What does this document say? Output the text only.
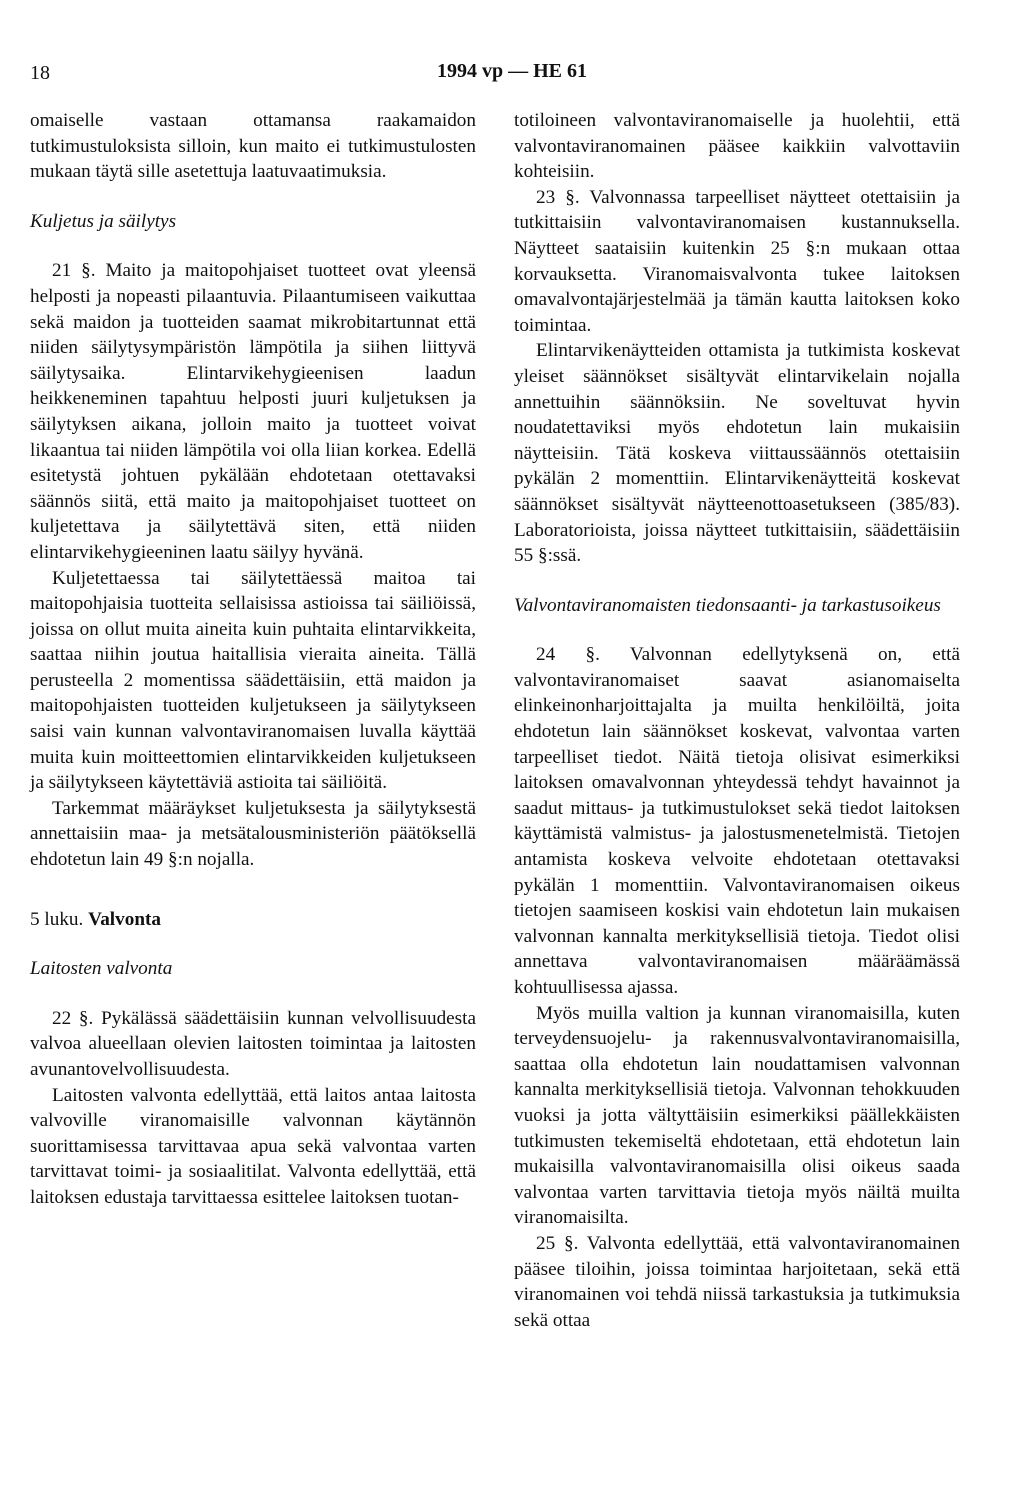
18	1994 vp — HE 61

omaiselle vastaan ottamansa raakamaidon tutkimustuloksista silloin, kun maito ei tutkimustulosten mukaan täytä sille asetettuja laatuvaatimuksia.

Kuljetus ja säilytys

21 §. Maito ja maitopohjaiset tuotteet ovat yleensä helposti ja nopeasti pilaantuvia. Pilaantumiseen vaikuttaa sekä maidon ja tuotteiden saamat mikrobitartunnat että niiden säilytysympäristön lämpötila ja siihen liittyvä säilytysaika. Elintarvikehygieenisen laadun heikkeneminen tapahtuu helposti juuri kuljetuksen ja säilytyksen aikana, jolloin maito ja tuotteet voivat likaantua tai niiden lämpötila voi olla liian korkea. Edellä esitetystä johtuen pykälään ehdotetaan otettavaksi säännös siitä, että maito ja maitopohjaiset tuotteet on kuljetettava ja säilytettävä siten, että niiden elintarvikehygieeninen laatu säilyy hyvänä.

Kuljetettaessa tai säilytettäessä maitoa tai maitopohjaisia tuotteita sellaisissa astioissa tai säiliöissä, joissa on ollut muita aineita kuin puhtaita elintarvikkeita, saattaa niihin joutua haitallisia vieraita aineita. Tällä perusteella 2 momentissa säädettäisiin, että maidon ja maitopohjaisten tuotteiden kuljetukseen ja säilytykseen saisi vain kunnan valvontaviranomaisen luvalla käyttää muita kuin moitteettomien elintarvikkeiden kuljetukseen ja säilytykseen käytettäviä astioita tai säiliöitä.

Tarkemmat määräykset kuljetuksesta ja säilytyksestä annettaisiin maa- ja metsätalousministeriön päätöksellä ehdotetun lain 49 §:n nojalla.

5 luku. Valvonta

Laitosten valvonta

22 §. Pykälässä säädettäisiin kunnan velvollisuudesta valvoa alueellaan olevien laitosten toimintaa ja laitosten avunantovelvollisuudesta.

Laitosten valvonta edellyttää, että laitos antaa laitosta valvoville viranomaisille valvonnan käytännön suorittamisessa tarvittavaa apua sekä valvontaa varten tarvittavat toimi- ja sosiaalitilat. Valvonta edellyttää, että laitoksen edustaja tarvittaessa esittelee laitoksen tuotan-

totiloineen valvontaviranomaiselle ja huolehtii, että valvontaviranomainen pääsee kaikkiin valvottaviin kohteisiin.

23 §. Valvonnassa tarpeelliset näytteet otettaisiin ja tutkittaisiin valvontaviranomaisen kustannuksella. Näytteet saataisiin kuitenkin 25 §:n mukaan ottaa korvauksetta. Viranomaisvalvonta tukee laitoksen omavalvontajärjestelmää ja tämän kautta laitoksen koko toimintaa.

Elintarvikenäytteiden ottamista ja tutkimista koskevat yleiset säännökset sisältyvät elintarvikelain nojalla annettuihin säännöksiin. Ne soveltuvat hyvin noudatettaviksi myös ehdotetun lain mukaisiin näytteisiin. Tätä koskeva viittaussäännös otettaisiin pykälän 2 momenttiin. Elintarvikenäytteitä koskevat säännökset sisältyvät näytteenottoasetukseen (385/83). Laboratorioista, joissa näytteet tutkittaisiin, säädettäisiin 55 §:ssä.

Valvontaviranomaisten tiedonsaanti- ja tarkastusoikeus

24 §. Valvonnan edellytyksenä on, että valvontaviranomaiset saavat asianomaiselta elinkeinonharjoittajalta ja muilta henkilöiltä, joita ehdotetun lain säännökset koskevat, valvontaa varten tarpeelliset tiedot. Näitä tietoja olisivat esimerkiksi laitoksen omavalvonnan yhteydessä tehdyt havainnot ja saadut mittaus- ja tutkimustulokset sekä tiedot laitoksen käyttämistä valmistus- ja jalostusmenetelmistä. Tietojen antamista koskeva velvoite ehdotetaan otettavaksi pykälän 1 momenttiin. Valvontaviranomaisen oikeus tietojen saamiseen koskisi vain ehdotetun lain mukaisen valvonnan kannalta merkityksellisiä tietoja. Tiedot olisi annettava valvontaviranomaisen määräämässä kohtuullisessa ajassa.

Myös muilla valtion ja kunnan viranomaisilla, kuten terveydensuojelu- ja rakennusvalvontaviranomaisilla, saattaa olla ehdotetun lain noudattamisen valvonnan kannalta merkityksellisiä tietoja. Valvonnan tehokkuuden vuoksi ja jotta vältyttäisiin esimerkiksi päällekkäisten tutkimusten tekemiseltä ehdotetaan, että ehdotetun lain mukaisilla valvontaviranomaisilla olisi oikeus saada valvontaa varten tarvittavia tietoja myös näiltä muilta viranomaisilta.

25 §. Valvonta edellyttää, että valvontaviranomainen pääsee tiloihin, joissa toimintaa harjoitetaan, sekä että viranomainen voi tehdä niissä tarkastuksia ja tutkimuksia sekä ottaa
